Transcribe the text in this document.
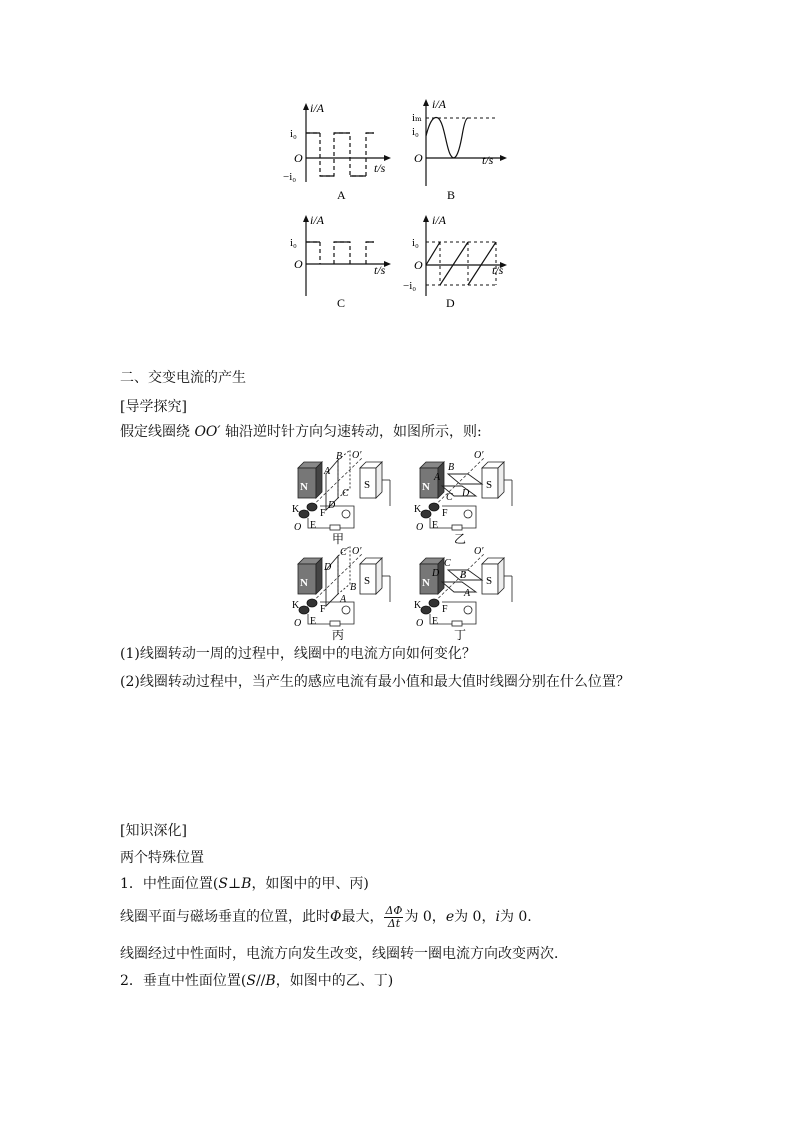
i/A
i₀
O
−i₀
t/s
A
i/A
iₘ
i₀
O	t/s
B
i/A
i₀
O	t/s
C
i/A
i₀
O
−i₀
t/s
D
二、交变电流的产生
[导学探究]
假定线圈绕 OO′ 轴沿逆时针方向匀速转动，如图所示，则:
N	S
A
B
C
D
K
O E
F
O′
甲
N	S
A
B
C D
K
O E
F
O′
乙
N	S
A
B
C
D
K
O E
F
O′
丙
N	S
A
B
C
D
K
O E
F
O′
丁
(1)线圈转动一周的过程中，线圈中的电流方向如何变化？
(2)线圈转动过程中，当产生的感应电流有最小值和最大值时线圈分别在什么位置？
[知识深化]
两个特殊位置
1．中性面位置(S⊥B，如图中的甲、丙)
线圈平面与磁场垂直的位置，此时Φ最大， $\frac{\Delta\Phi}{\Delta t}$ 为 0，e为 0，i为 0.
线圈经过中性面时，电流方向发生改变，线圈转一圈电流方向改变两次．
2．垂直中性面位置(S//B，如图中的乙、丁)
